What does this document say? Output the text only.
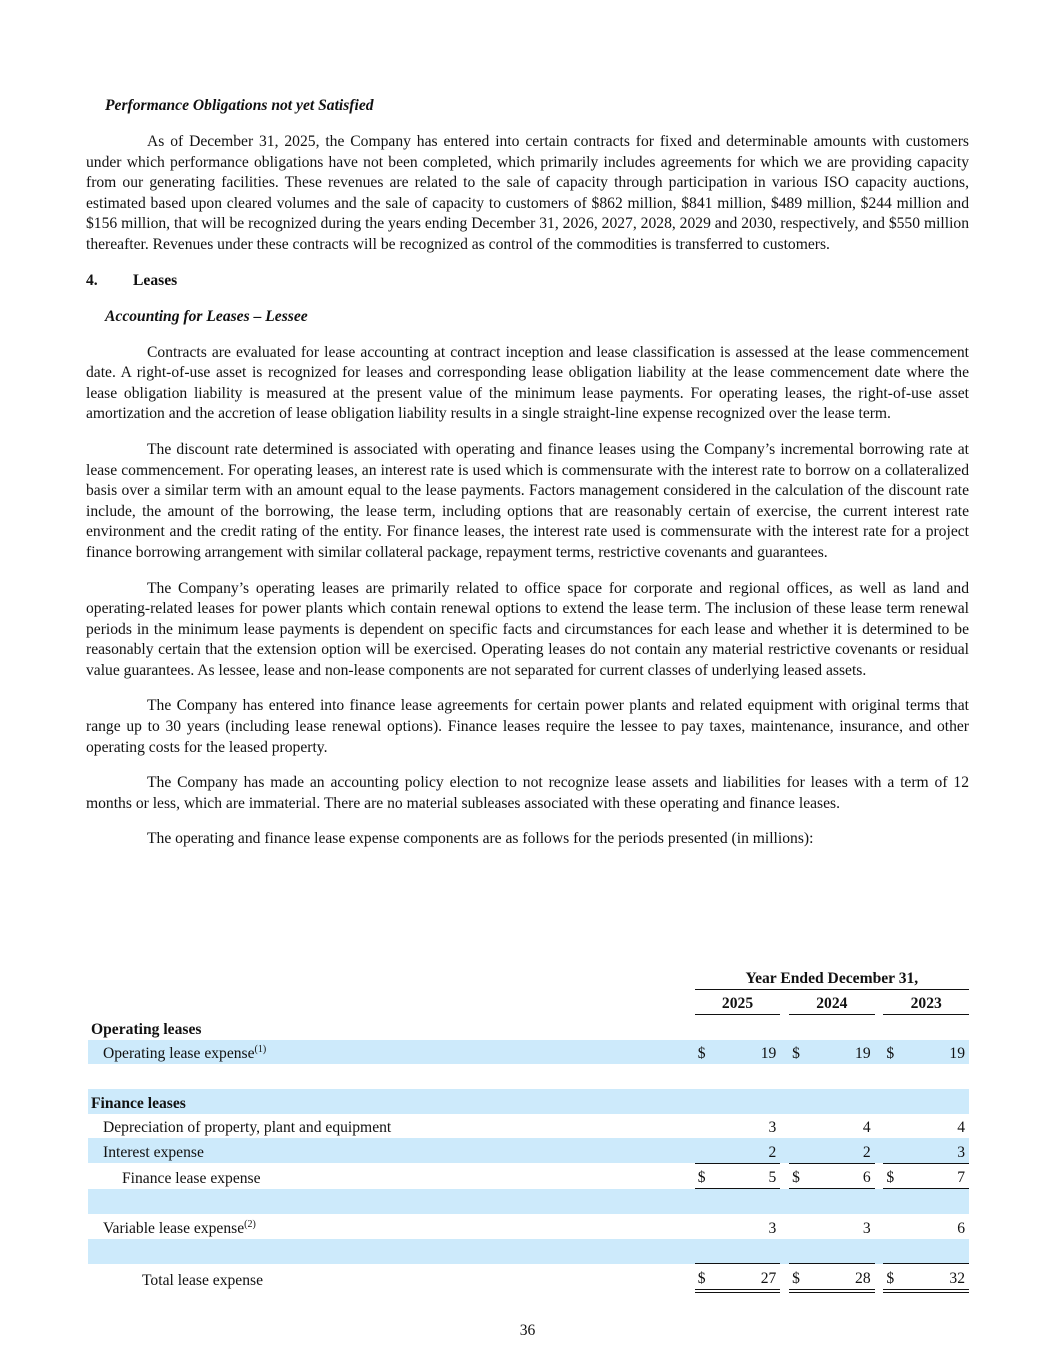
Performance Obligations not yet Satisfied

As of December 31, 2025, the Company has entered into certain contracts for fixed and determinable amounts with customers under which performance obligations have not been completed, which primarily includes agreements for which we are providing capacity from our generating facilities. These revenues are related to the sale of capacity through participation in various ISO capacity auctions, estimated based upon cleared volumes and the sale of capacity to customers of $862 million, $841 million, $489 million, $244 million and $156 million, that will be recognized during the years ending December 31, 2026, 2027, 2028, 2029 and 2030, respectively, and $550 million thereafter. Revenues under these contracts will be recognized as control of the commodities is transferred to customers.

4.	Leases

Accounting for Leases – Lessee

Contracts are evaluated for lease accounting at contract inception and lease classification is assessed at the lease commencement date. A right-of-use asset is recognized for leases and corresponding lease obligation liability at the lease commencement date where the lease obligation liability is measured at the present value of the minimum lease payments. For operating leases, the right-of-use asset amortization and the accretion of lease obligation liability results in a single straight-line expense recognized over the lease term.

The discount rate determined is associated with operating and finance leases using the Company’s incremental borrowing rate at lease commencement. For operating leases, an interest rate is used which is commensurate with the interest rate to borrow on a collateralized basis over a similar term with an amount equal to the lease payments. Factors management considered in the calculation of the discount rate include, the amount of the borrowing, the lease term, including options that are reasonably certain of exercise, the current interest rate environment and the credit rating of the entity. For finance leases, the interest rate used is commensurate with the interest rate for a project finance borrowing arrangement with similar collateral package, repayment terms, restrictive covenants and guarantees.

The Company’s operating leases are primarily related to office space for corporate and regional offices, as well as land and operating-related leases for power plants which contain renewal options to extend the lease term. The inclusion of these lease term renewal periods in the minimum lease payments is dependent on specific facts and circumstances for each lease and whether it is determined to be reasonably certain that the extension option will be exercised. Operating leases do not contain any material restrictive covenants or residual value guarantees. As lessee, lease and non-lease components are not separated for current classes of underlying leased assets.

The Company has entered into finance lease agreements for certain power plants and related equipment with original terms that range up to 30 years (including lease renewal options). Finance leases require the lessee to pay taxes, maintenance, insurance, and other operating costs for the leased property.

The Company has made an accounting policy election to not recognize lease assets and liabilities for leases with a term of 12 months or less, which are immaterial. There are no material subleases associated with these operating and finance leases.

The operating and finance lease expense components are as follows for the periods presented (in millions):

		Year Ended December 31,							
		2025			2024			2023	
Operating leases									
Operating lease expense$^{(1)}$		$	19		$	19		$	19

Finance leases									
Depreciation of property, plant and equipment			3			4			4
Interest expense			2			2			3
Finance lease expense		$	5		$	6		$	7

Variable lease expense$^{(2)}$			3			3			6

Total lease expense		$	27		$	28		$	32
36
